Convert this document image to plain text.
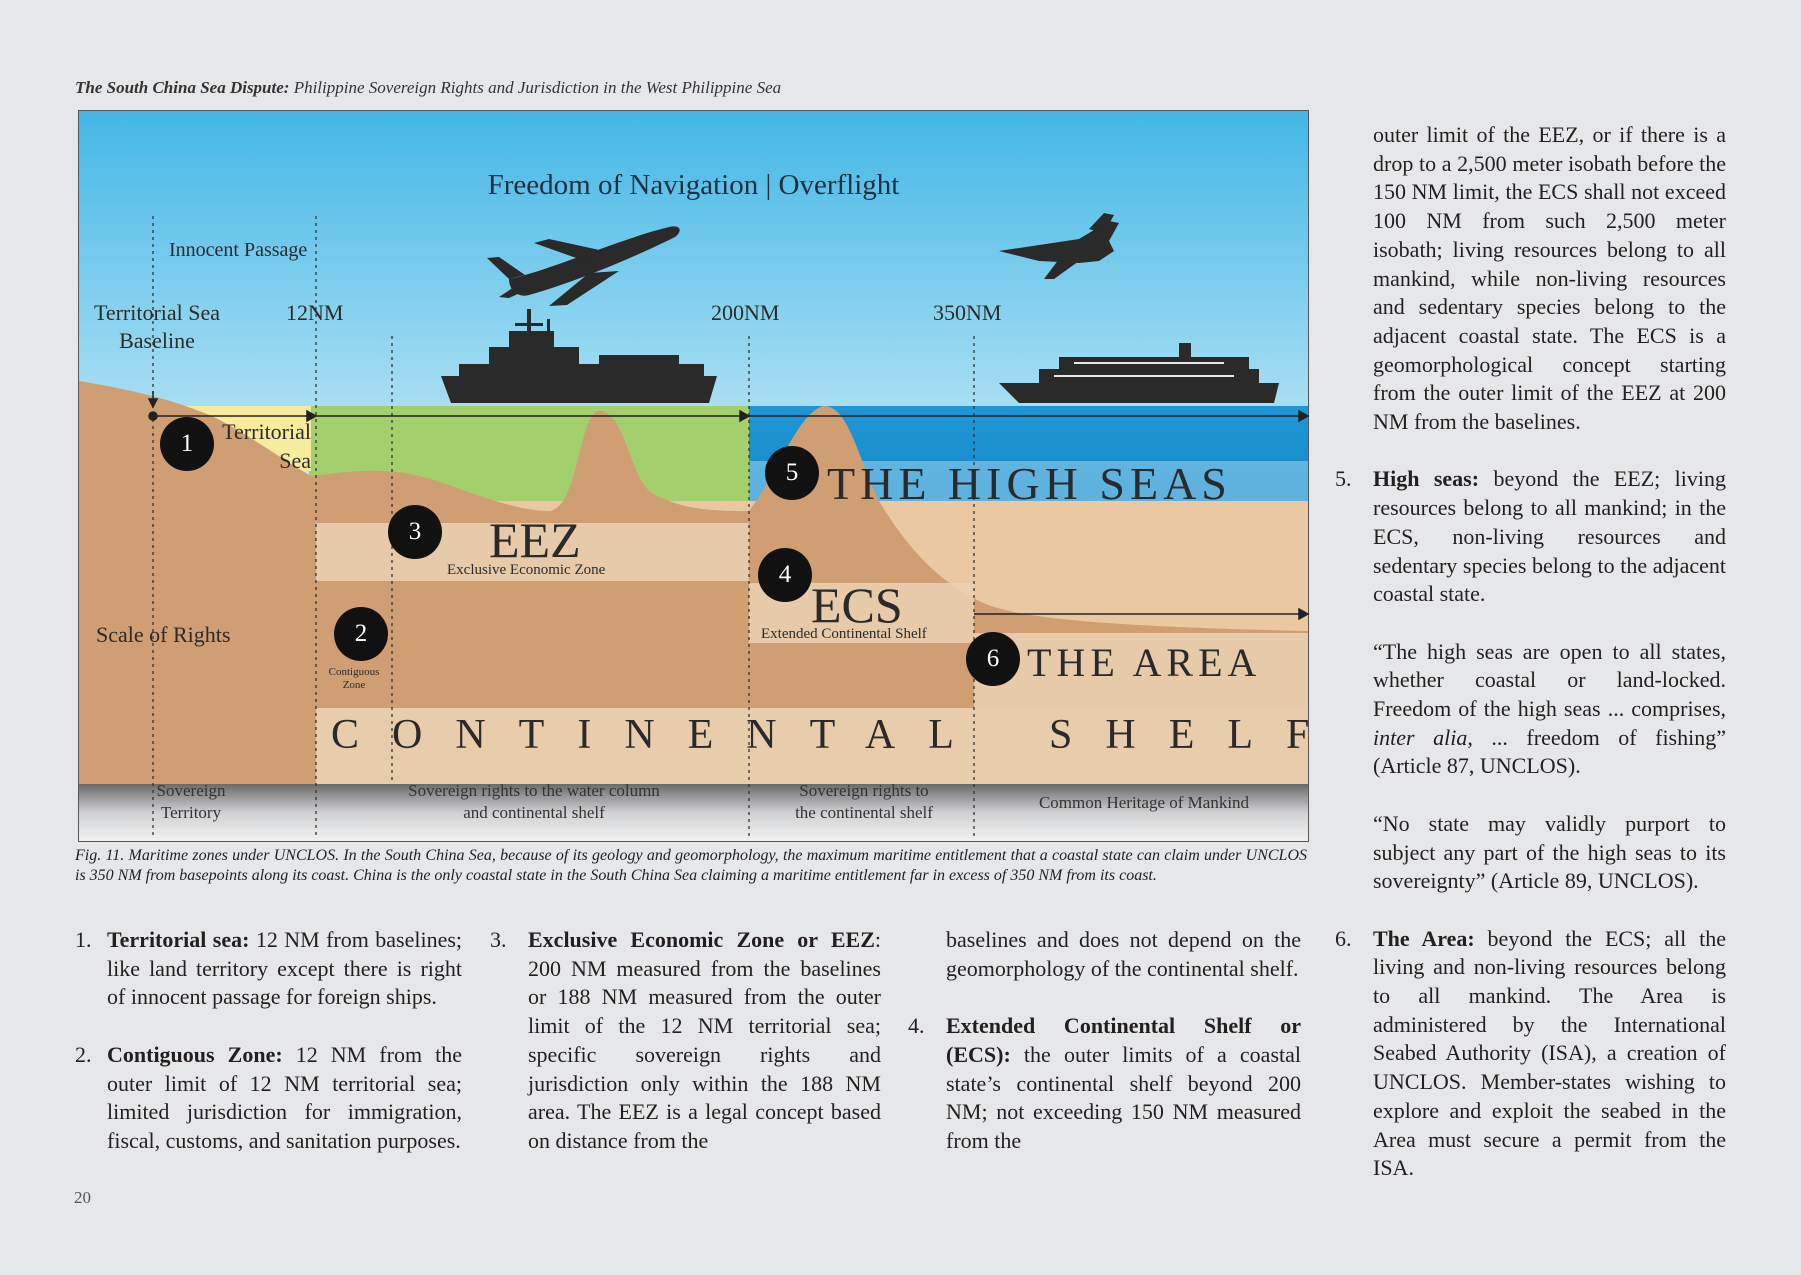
The South China Sea Dispute: Philippine Sovereign Rights and Jurisdiction in the West Philippine Sea
Freedom of Navigation | Overflight
Innocent Passage
Territorial Sea
Baseline
12NM	200NM	350NM
Territorial
Sea	THE HIGH SEAS
EEZ
Exclusive Economic Zone
ECS
Extended Continental Shelf
THE AREA
Scale of Rights
Contiguous
Zone
CONTINENTAL SHELF
1
2
3
4
5
6
Sovereign
Territory
Sovereign rights to the water column
and continental shelf
Sovereign rights to
the continental shelf
Common Heritage of Mankind
Fig. 11. Maritime zones under UNCLOS. In the South China Sea, because of its geology and geomorphology, the maximum maritime entitlement that a coastal state can claim under UNCLOS is 350 NM from basepoints along its coast. China is the only coastal state in the South China Sea claiming a maritime entitlement far in excess of 350 NM from its coast.
1. Territorial sea: 12 NM from baselines; like land territory except there is right of innocent passage for foreign ships.

2. Contiguous Zone: 12 NM from the outer limit of 12 NM territorial sea; limited jurisdiction for immigration, fiscal, customs, and sanitation purposes.

3. Exclusive Economic Zone or EEZ: 200 NM measured from the baselines or 188 NM measured from the outer limit of the 12 NM territorial sea; specific sovereign rights and jurisdiction only within the 188 NM area. The EEZ is a legal concept based on distance from the

baselines and does not depend on the geomorphology of the continental shelf.

4. Extended Continental Shelf or (ECS): the outer limits of a coastal state’s continental shelf beyond 200 NM; not exceeding 150 NM measured from the

outer limit of the EEZ, or if there is a drop to a 2,500 meter isobath before the 150 NM limit, the ECS shall not exceed 100 NM from such 2,500 meter isobath; living resources belong to all mankind, while non-living resources and sedentary species belong to the adjacent coastal state. The ECS is a geomorphological concept starting from the outer limit of the EEZ at 200 NM from the baselines.

5. High seas: beyond the EEZ; living resources belong to all mankind; in the ECS, non-living resources and sedentary species belong to the adjacent coastal state.

“The high seas are open to all states, whether coastal or land-locked. Freedom of the high seas ... comprises, inter alia, ... freedom of fishing” (Article 87, UNCLOS).

“No state may validly purport to subject any part of the high seas to its sovereignty” (Article 89, UNCLOS).

6. The Area: beyond the ECS; all the living and non-living resources belong to all mankind. The Area is administered by the International Seabed Authority (ISA), a creation of UNCLOS. Member-states wishing to explore and exploit the seabed in the Area must secure a permit from the ISA.

20
